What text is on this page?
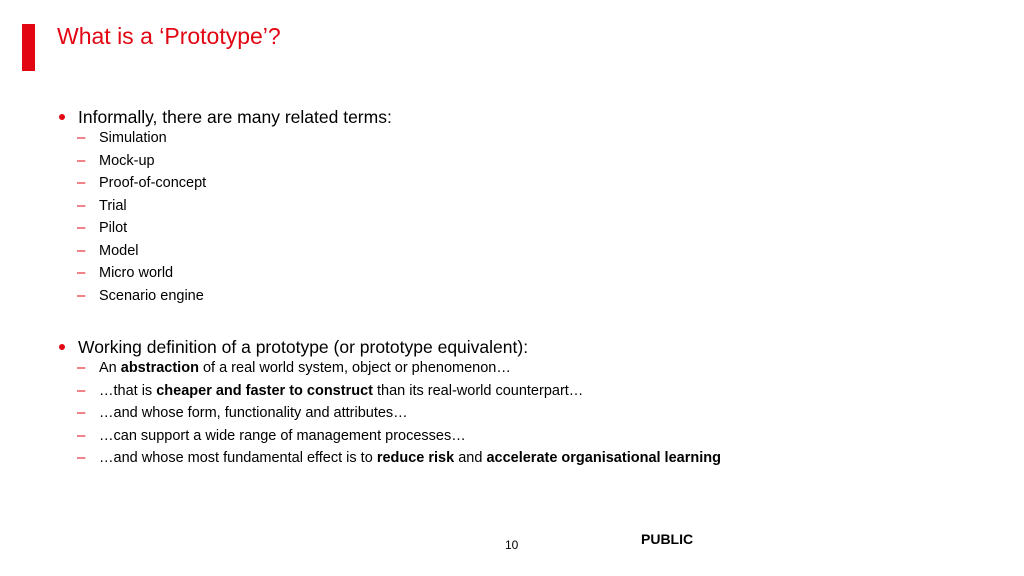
What is a ‘Prototype’?
Informally, there are many related terms:
– Simulation
– Mock-up
– Proof-of-concept
– Trial
– Pilot
– Model
– Micro world
– Scenario engine
Working definition of a prototype (or prototype equivalent):
– An abstraction of a real world system, object or phenomenon…
– …that is cheaper and faster to construct than its real-world counterpart…
– …and whose form, functionality and attributes…
– …can support a wide range of management processes…
– …and whose most fundamental effect is to reduce risk and accelerate organisational learning
10	PUBLIC
